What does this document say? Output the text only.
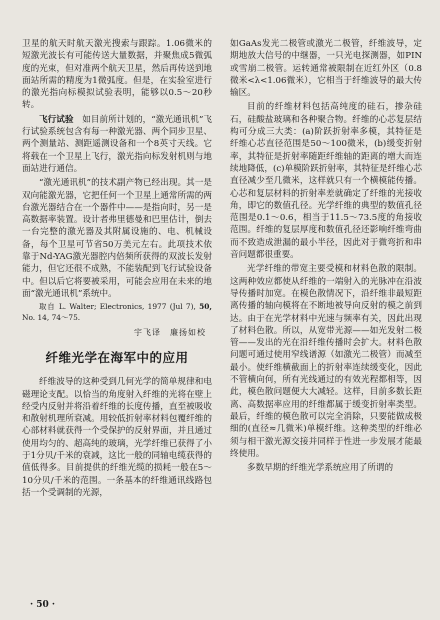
卫星的航天时航天激光搜索与跟踪。1.06微米的短激光波长有可能传送大量数据，并聚焦成5微弧度的光束，但对准两个航天卫星，然后再传送到地面站所需的精度为1微弧度。但是，在实验室进行的激光指向标模拟试验表明，能够以0.5～20秒转。

飞行试验　 如目前所计划的，“激光通讯机”飞行试验系统包含有每一种激光器、两个同步卫星、两个测量站、测距遥测设备和一个8英寸天线。它将载在一个卫星上飞行，激光指向标发射机则与地面站进行通信。

“激光通讯机”的技术副产物已经出现。其一是双向能激光器，它把任何一个卫星上通常所需的两台激光器结合在一个器件中——是指向时，另一是高数据率装置。设计者弗里德曼和巴里估计，倒去一台完整的激光器及其附属设施的、电、机械设备，每个卫星可节省50万美元左右。此项技术依靠于Nd-YAG激光器腔内倍频所获得的双波长发射能力，但它还很不成熟，不能装配到飞行试验设备中。但以后它将要被采用，可能会应用在未来的地面“激光通讯机”系统中。

取自 L. Walter; Electronics, 1977 (Jul 7), 50, No. 14, 74～75.

宇飞译　廉扬如校
纤维光学在海军中的应用

纤维波导的这种受到几何光学的简单规律和电磁理论支配。以恰当的角度射入纤维的光将在壁上经受内反射并将沿着纤维的长度传播，直至被吸收和散射机理所衰减。用较低折射率材料包覆纤维的心部材料就获得一个受保护的反射界面，并且通过使用均匀的、超高纯的玻璃，光学纤维已获得了小于1分贝/千米的衰减，这比一般的同轴电缆获得的值低得多。目前提供的纤维光缆的损耗一般在5～10分贝/千米的范围。一条基本的纤维通讯线路包括一个受调制的光源，

如GaAs发光二极管或激光二极管，纤维波导，定期地放大信号的中继器，一只光电探测器，如PIN或雪崩二极管。运转通常被限制在近红外区（0.8微米<λ<1.06微米），它相当于纤维波导的最大传输区。

目前的纤维材料包括高纯度的硅石，掺杂硅石，硅酸盐玻璃和各种聚合物。纤维的心芯复层结构可分成三大类：(a)阶跃折射率多模，其特征是纤维心芯直径范围是50～100微米，(b)缓变折射率，其特征是折射率随距纤维轴的距离的增大而连续地降低，(c)单模阶跃折射率，其特征是纤维心芯直径减少至几微米，这样就只有一个横模能传播。心芯和复层材料的折射率差就确定了纤维的光接收角，即它的数值孔径。光学纤维的典型的数值孔径范围是0.1～0.6，相当于11.5～73.5度的角接收范围。纤维的复层厚度和数值孔径还影响纤维弯曲而不致造成泄漏的最小半径，因此对于微弯折和串音问题都很重要。

光学纤维的带宽主要受模和材料色散的限制。这两种效应都使从纤维的一端射入的光脉冲在沿波导传播时加宽。在模色散情况下，沿纤维非最短距离传播的轴向模将在不断地被导向反射的模之前到达。由于在光学材料中光速与频率有关，因此出现了材料色散。所以，从宽带光源——如光发射二极管——发出的光在沿纤维传播时会扩大。材料色散问题可通过使用窄线谱源（如激光二极管）而减至最小。使纤维横截面上的折射率连续缓变化，因此不管横向何，所有光线通过的有效光程都相等，因此，模色散问题便大大减轻。这样，目前多数长距离、高数据率应用的纤维都属于缓变折射率类型。最后，纤维的模色散可以完全消除，只要能做成极细的(直径≈几微米)单模纤维。这种类型的纤维必须与相干激光源交接并同样于性进一步发展才能最终使用。

多数早期的纤维光学系统应用了所谓的

· 50 ·
